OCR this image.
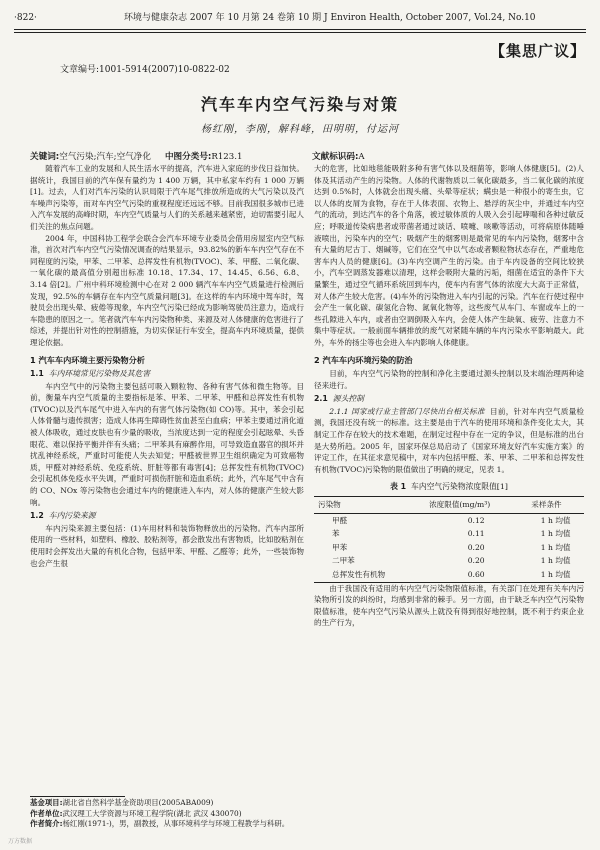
·822·	环境与健康杂志 2007 年 10 月第 24 卷第 10 期 J Environ Health, October 2007, Vol.24, No.10
【集思广议】
文章编号:1001-5914(2007)10-0822-02
汽车车内空气污染与对策
杨红刚，李刚，解科峰，田明明，付运河
关键词:空气污染;汽车;空气净化 中图分类号:R123.1	文献标识码:A

随着汽车工业的发展和人民生活水平的提高，汽车进入家庭的步伐日益加快。据统计，我国目前的汽车保有量约为 1 400 万辆，其中私家车约有 1 000 万辆[1]。过去，人们对汽车污染的认识局限于汽车尾气排放所造成的大气污染以及汽车噪声污染等，而对车内空气污染的重视程度还远远不够。目前我国很多城市已进入汽车发展的高峰时期，车内空气质量与人们的关系越来越紧密，迫切需要引起人们关注的焦点问题。

2004 年，中国科协工程学会联合会汽车环境专业委员会借用房屋室内空气标准，首次对汽车内空气污染情况调查的结果显示，93.82%的新车车内空气存在不同程度的污染，甲苯、二甲苯、总挥发性有机物(TVOC)、苯、甲醛、二氧化碳、一氧化碳的最高值分别超出标准 10.18、17.34、17、14.45、6.56、6.8、3.14 倍[2]。广州中科环境检测中心在对 2 000 辆汽车车内空气质量进行检测后发现，92.5%的车辆存在车内空气质量问题[3]。在这样的车内环境中驾车时，驾驶员会出现头晕、疲倦等现象，车内空气污染已经成为影响驾驶员注意力，造成行车隐患的原因之一。笔者就汽车车内污染物种类、来源及对人体健康的危害进行了综述，并提出针对性的控制措施，为切实保证行车安全，提高车内环境质量，提供理论依据。

1 汽车车内环境主要污染物分析

1.1 车内环境常见污染物及其危害

车内空气中的污染物主要包括可吸入颗粒物、各种有害气体和微生物等。目前，衡量车内空气质量的主要指标是苯、甲苯、二甲苯、甲醛和总挥发性有机物(TVOC)以及汽车尾气中进入车内的有害气体污染物(如 CO)等。其中，苯会引起人体骨髓与遗传损害；造成人体再生障碍性贫血甚至白血病；甲苯主要通过消化道被人体吸收，通过皮肤也有少量的吸收，当浓度达到一定的程度会引起眩晕、头昏眼花、难以保持平衡并伴有头痛；二甲苯具有麻醉作用，可导致造血器官的损坏并扰乱神经系统，严重时可能使人失去知觉；甲醛被世界卫生组织确定为可致癌物质，甲醛对神经系统、免疫系统、肝脏等都有毒害[4]；总挥发性有机物(TVOC)会引起机体免疫水平失调，严重时可损伤肝脏和造血系统；此外，汽车尾气中含有的 CO、NOx 等污染物也会通过车内的健康进入车内，对人体的健康产生较大影响。

1.2 车内污染来源

车内污染来源主要包括：(1)车用材料和装饰物释放出的污染物。汽车内部所使用的一些材料，如塑料、橡胶、胶粘剂等，都会散发出有害物质，比如胶粘剂在使用时会挥发出大量的有机化合物，包括甲苯、甲醛、乙醛等；此外，一些装饰物也会产生很

大的危害，比如地毯能吸附多种有害气体以及细菌等，影响人体健康[5]。(2)人体及其活动产生的污染物。人体的代谢物质以二氧化碳最多，当二氧化碳的浓度达到 0.5%时，人体就会出现头痛、头晕等症状；螨虫是一种很小的寄生虫，它以人体的皮屑为食物，存在于人体表面、衣物上、悬浮的灰尘中，并通过车内空气的流动，到达汽车的各个角落，被过敏体质的人吸入会引起哮喘和各种过敏反应；呼吸道传染病患者或带菌者通过谈话、喷嚏、咳嗽等活动，可将病原体随唾液喷出，污染车内的空气；吸烟产生的烟雾则是最常见的车内污染物，烟雾中含有大量的尼古丁、烟碱等，它们在空气中以气态或者颗粒物状态存在，严重地危害车内人员的健康[6]。(3)车内空调产生的污染。由于车内设备的空间比较狭小，汽车空调蒸发器难以清理，这样会吸附大量的污垢，细菌在适宜的条件下大量繁生，通过空气循环系统回到车内，使车内有害气体的浓度大大高于正常值，对人体产生较大危害。(4)车外的污染物进入车内引起的污染。汽车在行使过程中会产生一氧化碳、碳氢化合物、氮氧化物等，这些废气从车门、车窗或车上的一些孔隙进入车内，或者由空调倒吸入车内，会使人体产生缺氧、疲劳、注意力不集中等症状。一般前面车辆排放的废气对紧随车辆的车内污染水平影响最大。此外，车外的扬尘等也会进入车内影响人体健康。

2 汽车车内环境污染的防治

目前，车内空气污染物的控制和净化主要通过源头控制以及末端治理两种途径来进行。

2.1 源头控制

2.1.1 国家或行业主管部门尽快出台相关标准 目前，针对车内空气质量检测，我国还没有统一的标准。这主要是由于汽车的使用环境和条件变化太大，其制定工作存在较大的技术难题，在制定过程中存在一定的争议，但是标准的出台是大势所趋。2005 年，国家环保总局启动了《国家环境友好汽车实施方案》的评定工作，在其征求意见稿中，对车内包括甲醛、苯、甲苯、二甲苯和总挥发性有机物(TVOC)污染物的限值做出了明确的规定，见表 1。

表 1 车内空气污染物浓度限值[1]
污染物	浓度限值(mg/m³)	采样条件
甲醛	0.12	1 h 均值
苯	0.11	1 h 均值
甲苯	0.20	1 h 均值
二甲苯	0.20	1 h 均值
总挥发性有机物	0.60	1 h 均值

由于我国没有适用的车内空气污染物限值标准，有关部门在处理有关车内污染物所引发的纠纷时，均感到非常的棘手。另一方面，由于缺乏车内空气污染物限值标准，使车内空气污染从源头上就没有得到很好地控制，既不利于约束企业的生产行为，

基金项目:湖北省自然科学基金资助项目(2005ABA009)
作者单位:武汉理工大学资源与环境工程学院(湖北 武汉 430070)
作者简介:杨红刚(1971-)，男，副教授，从事环境科学与环境工程教学与科研。
万方数据
